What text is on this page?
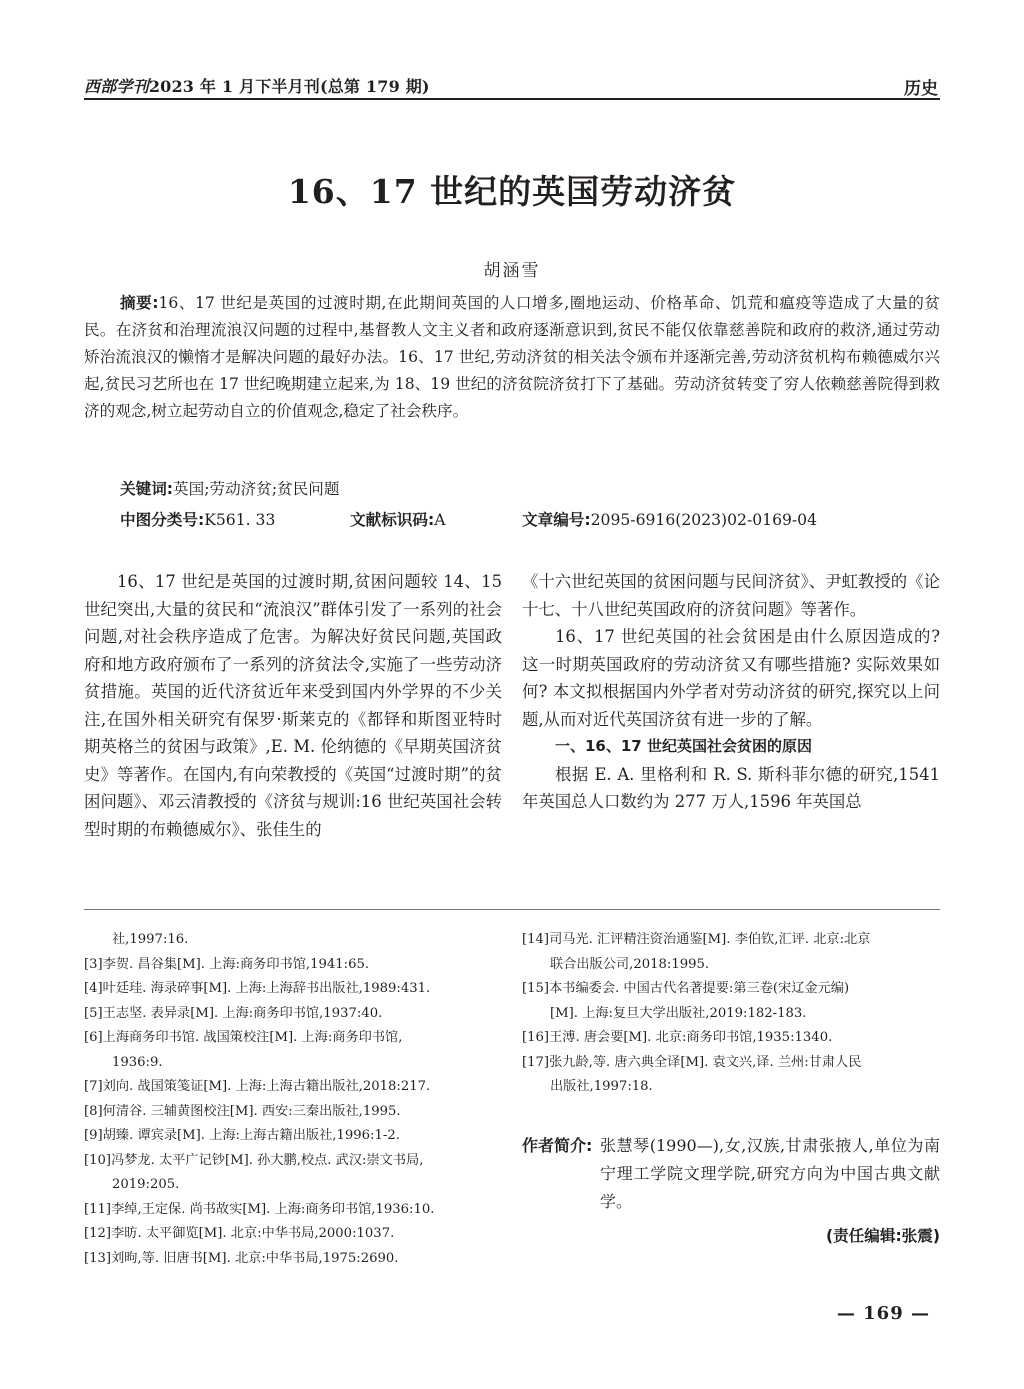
西部学刊2023 年 1 月下半月刊(总第 179 期)	历史
16、17 世纪的英国劳动济贫
胡涵雪
摘要:16、17 世纪是英国的过渡时期,在此期间英国的人口增多,圈地运动、价格革命、饥荒和瘟疫等造成了大量的贫民。在济贫和治理流浪汉问题的过程中,基督教人文主义者和政府逐渐意识到,贫民不能仅依靠慈善院和政府的救济,通过劳动矫治流浪汉的懒惰才是解决问题的最好办法。16、17 世纪,劳动济贫的相关法令颁布并逐渐完善,劳动济贫机构布赖德威尔兴起,贫民习艺所也在 17 世纪晚期建立起来,为 18、19 世纪的济贫院济贫打下了基础。劳动济贫转变了穷人依赖慈善院得到救济的观念,树立起劳动自立的价值观念,稳定了社会秩序。
关键词:英国;劳动济贫;贫民问题
中图分类号:K561. 33	文献标识码:A	文章编号:2095-6916(2023)02-0169-04

16、17 世纪是英国的过渡时期,贫困问题较 14、15 世纪突出,大量的贫民和“流浪汉”群体引发了一系列的社会问题,对社会秩序造成了危害。为解决好贫民问题,英国政府和地方政府颁布了一系列的济贫法令,实施了一些劳动济贫措施。英国的近代济贫近年来受到国内外学界的不少关注,在国外相关研究有保罗·斯莱克的《都铎和斯图亚特时期英格兰的贫困与政策》,E. M. 伦纳德的《早期英国济贫史》等著作。在国内,有向荣教授的《英国“过渡时期”的贫困问题》、邓云清教授的《济贫与规训:16 世纪英国社会转型时期的布赖德威尔》、张佳生的

《十六世纪英国的贫困问题与民间济贫》、尹虹教授的《论十七、十八世纪英国政府的济贫问题》等著作。

16、17 世纪英国的社会贫困是由什么原因造成的? 这一时期英国政府的劳动济贫又有哪些措施? 实际效果如何? 本文拟根据国内外学者对劳动济贫的研究,探究以上问题,从而对近代英国济贫有进一步的了解。

一、16、17 世纪英国社会贫困的原因

根据 E. A. 里格利和 R. S. 斯科菲尔德的研究,1541 年英国总人口数约为 277 万人,1596 年英国总

社,1997:16.
[3]李贺. 昌谷集[M]. 上海:商务印书馆,1941:65.
[4]叶廷珪. 海录碎事[M]. 上海:上海辞书出版社,1989:431.
[5]王志坚. 表异录[M]. 上海:商务印书馆,1937:40.
[6]上海商务印书馆. 战国策校注[M]. 上海:商务印书馆,
1936:9.
[7]刘向. 战国策笺证[M]. 上海:上海古籍出版社,2018:217.
[8]何清谷. 三辅黄图校注[M]. 西安:三秦出版社,1995.
[9]胡臻. 谭宾录[M]. 上海:上海古籍出版社,1996:1-2.
[10]冯梦龙. 太平广记钞[M]. 孙大鹏,校点. 武汉:崇文书局,
2019:205.
[11]李绰,王定保. 尚书故实[M]. 上海:商务印书馆,1936:10.
[12]李昉. 太平御览[M]. 北京:中华书局,2000:1037.
[13]刘昫,等. 旧唐书[M]. 北京:中华书局,1975:2690.
[14]司马光. 汇评精注资治通鉴[M]. 李伯钦,汇评. 北京:北京
联合出版公司,2018:1995.
[15]本书编委会. 中国古代名著提要:第三卷(宋辽金元编)
[M]. 上海:复旦大学出版社,2019:182-183.
[16]王溥. 唐会要[M]. 北京:商务印书馆,1935:1340.
[17]张九龄,等. 唐六典全译[M]. 袁文兴,译. 兰州:甘肃人民
出版社,1997:18.
作者简介: 张慧琴(1990—),女,汉族,甘肃张掖人,单位为南宁理工学院文理学院,研究方向为中国古典文献学。
(责任编辑:张震)
— 169 —
